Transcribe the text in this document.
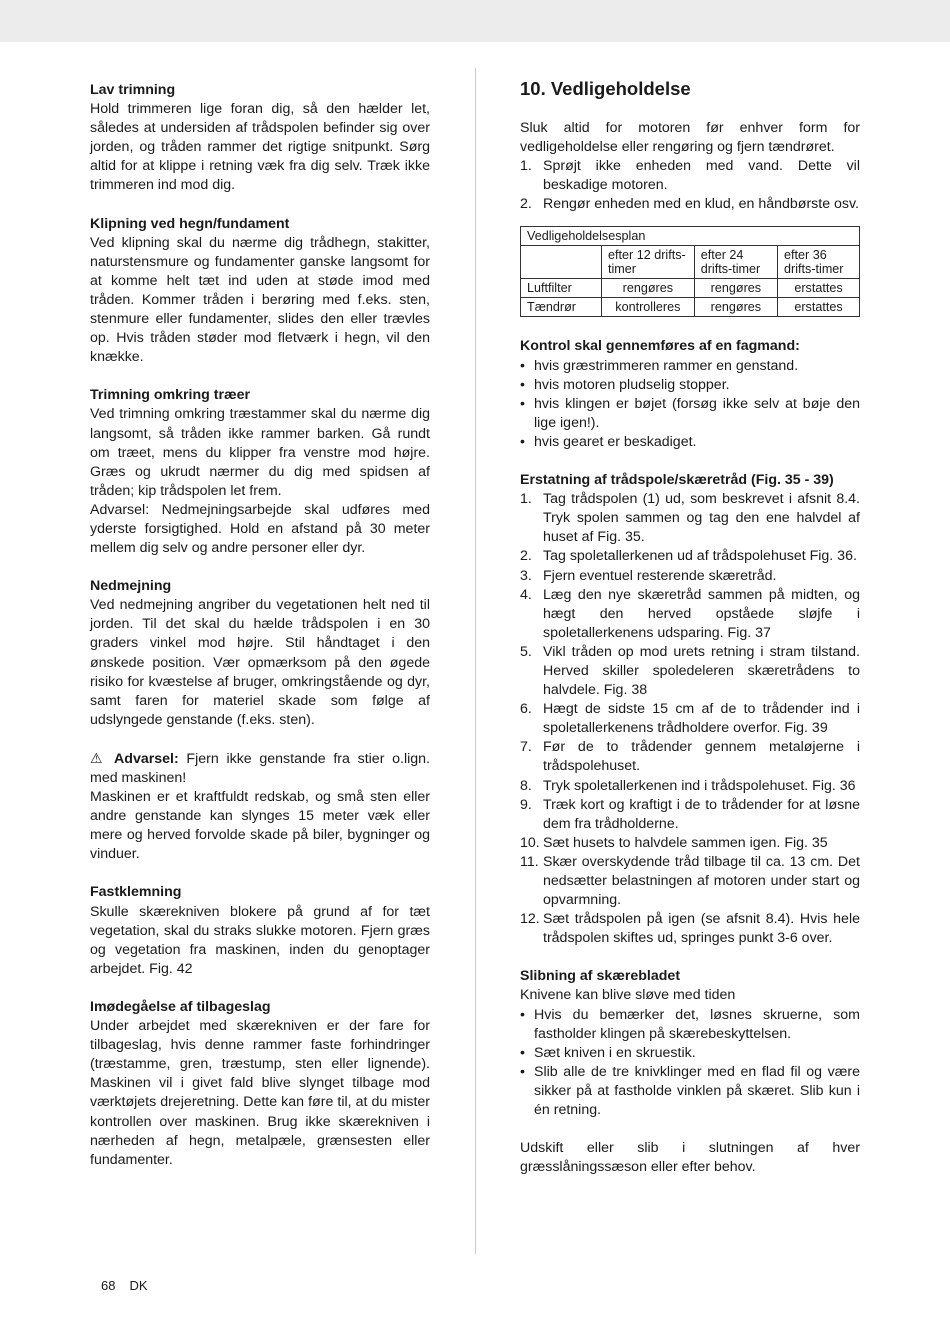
Lav trimning

Hold trimmeren lige foran dig, så den hælder let, således at undersiden af trådspolen befinder sig over jorden, og tråden rammer det rigtige snitpunkt. Sørg altid for at klippe i retning væk fra dig selv. Træk ikke trimmeren ind mod dig.

Klipning ved hegn/fundament

Ved klipning skal du nærme dig trådhegn, stakitter, naturstensmure og fundamenter ganske langsomt for at komme helt tæt ind uden at støde imod med tråden. Kommer tråden i berøring med f.eks. sten, stenmure eller fundamenter, slides den eller trævles op. Hvis tråden støder mod fletværk i hegn, vil den knække.

Trimning omkring træer

Ved trimning omkring træstammer skal du nærme dig langsomt, så tråden ikke rammer barken. Gå rundt om træet, mens du klipper fra venstre mod højre. Græs og ukrudt nærmer du dig med spidsen af tråden; kip trådspolen let frem.

Advarsel: Nedmejningsarbejde skal udføres med yderste forsigtighed. Hold en afstand på 30 meter mellem dig selv og andre personer eller dyr.

Nedmejning

Ved nedmejning angriber du vegetationen helt ned til jorden. Til det skal du hælde trådspolen i en 30 graders vinkel mod højre. Stil håndtaget i den ønskede position. Vær opmærksom på den øgede risiko for kvæstelse af bruger, omkringstående og dyr, samt faren for materiel skade som følge af udslyngede genstande (f.eks. sten).

⚠ Advarsel: Fjern ikke genstande fra stier o.lign. med maskinen!

Maskinen er et kraftfuldt redskab, og små sten eller andre genstande kan slynges 15 meter væk eller mere og herved forvolde skade på biler, bygninger og vinduer.

Fastklemning

Skulle skærekniven blokere på grund af for tæt vegetation, skal du straks slukke motoren. Fjern græs og vegetation fra maskinen, inden du genoptager arbejdet. Fig. 42

Imødegåelse af tilbageslag

Under arbejdet med skærekniven er der fare for tilbageslag, hvis denne rammer faste forhindringer (træstamme, gren, træstump, sten eller lignende). Maskinen vil i givet fald blive slynget tilbage mod værktøjets drejeretning. Dette kan føre til, at du mister kontrollen over maskinen. Brug ikke skærekniven i nærheden af hegn, metalpæle, grænsesten eller fundamenter.

10. Vedligeholdelse

Sluk altid for motoren før enhver form for vedligeholdelse eller rengøring og fjern tændrøret.

1. Sprøjt ikke enheden med vand. Dette vil beskadige motoren.
2. Rengør enheden med en klud, en håndbørste osv.
Vedligeholdelsesplan			
	efter 12 drifts-timer	efter 24 drifts-timer	efter 36 drifts-timer
Luftfilter	rengøres	rengøres	erstattes
Tændrør	kontrolleres	rengøres	erstattes
Kontrol skal gennemføres af en fagmand:
• hvis græstrimmeren rammer en genstand.
• hvis motoren pludselig stopper.
• hvis klingen er bøjet (forsøg ikke selv at bøje den lige igen!).
• hvis gearet er beskadiget.
Erstatning af trådspole/skæretråd (Fig. 35 - 39)
1. Tag trådspolen (1) ud, som beskrevet i afsnit 8.4. Tryk spolen sammen og tag den ene halvdel af huset af Fig. 35.
2. Tag spoletallerkenen ud af trådspolehuset Fig. 36.
3. Fjern eventuel resterende skæretråd.
4. Læg den nye skæretråd sammen på midten, og hægt den herved opståede sløjfe i spoletallerkenens udsparing. Fig. 37
5. Vikl tråden op mod urets retning i stram tilstand. Herved skiller spoledeleren skæretrådens to halvdele. Fig. 38
6. Hægt de sidste 15 cm af de to trådender ind i spoletallerkenens trådholdere overfor. Fig. 39
7. Før de to trådender gennem metaløjerne i trådspolehuset.
8. Tryk spoletallerkenen ind i trådspolehuset. Fig. 36
9. Træk kort og kraftigt i de to trådender for at løsne dem fra trådholderne.
10. Sæt husets to halvdele sammen igen. Fig. 35
11. Skær overskydende tråd tilbage til ca. 13 cm. Det nedsætter belastningen af motoren under start og opvarmning.
12. Sæt trådspolen på igen (se afsnit 8.4). Hvis hele trådspolen skiftes ud, springes punkt 3-6 over.
Slibning af skærebladet

Knivene kan blive sløve med tiden

• Hvis du bemærker det, løsnes skruerne, som fastholder klingen på skærebeskyttelsen.
• Sæt kniven i en skruestik.
• Slib alle de tre knivklinger med en flad fil og være sikker på at fastholde vinklen på skæret. Slib kun i én retning.

Udskift eller slib i slutningen af hver græsslåningssæson eller efter behov.

68 DK
